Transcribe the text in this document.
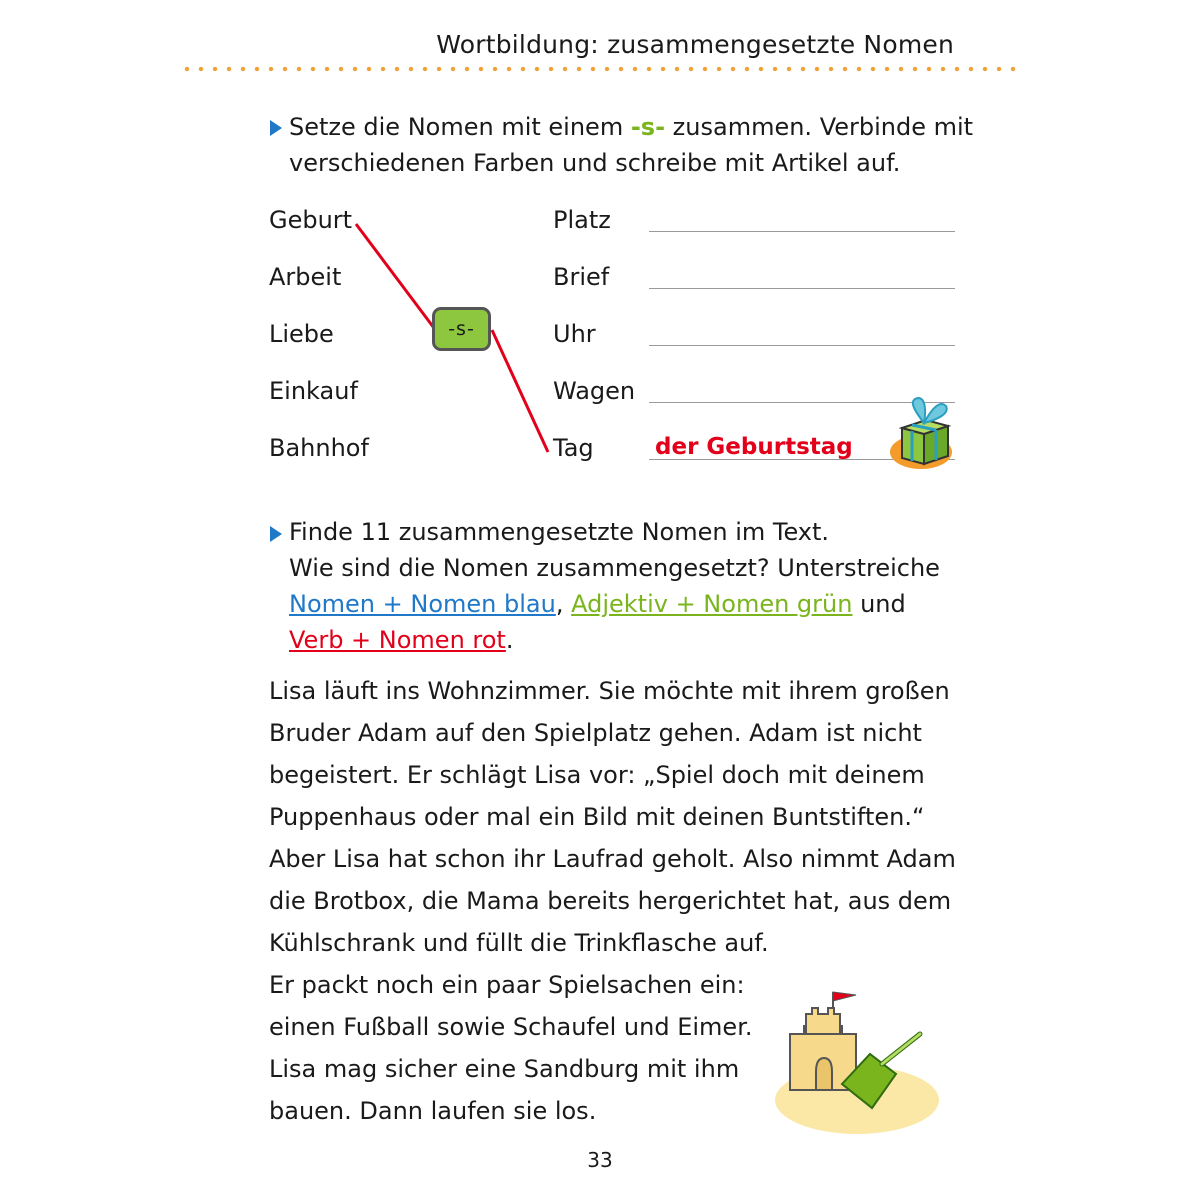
Wortbildung: zusammengesetzte Nomen
Setze die Nomen mit einem -s- zusammen. Verbinde mit
verschiedenen Farben und schreibe mit Artikel auf.
Geburt
Arbeit
Liebe
Einkauf
Bahnhof
-s-
Platz
Brief
Uhr
Wagen
Tag	der Geburtstag
Finde 11 zusammengesetzte Nomen im Text.
Wie sind die Nomen zusammengesetzt? Unterstreiche
Nomen + Nomen blau, Adjektiv + Nomen grün und
Verb + Nomen rot.
Lisa läuft ins Wohnzimmer. Sie möchte mit ihrem großen
Bruder Adam auf den Spielplatz gehen. Adam ist nicht
begeistert. Er schlägt Lisa vor: „Spiel doch mit deinem
Puppenhaus oder mal ein Bild mit deinen Buntstiften.“
Aber Lisa hat schon ihr Laufrad geholt. Also nimmt Adam
die Brotbox, die Mama bereits hergerichtet hat, aus dem
Kühlschrank und füllt die Trinkflasche auf.
Er packt noch ein paar Spielsachen ein:
einen Fußball sowie Schaufel und Eimer.
Lisa mag sicher eine Sandburg mit ihm
bauen. Dann laufen sie los.
33
